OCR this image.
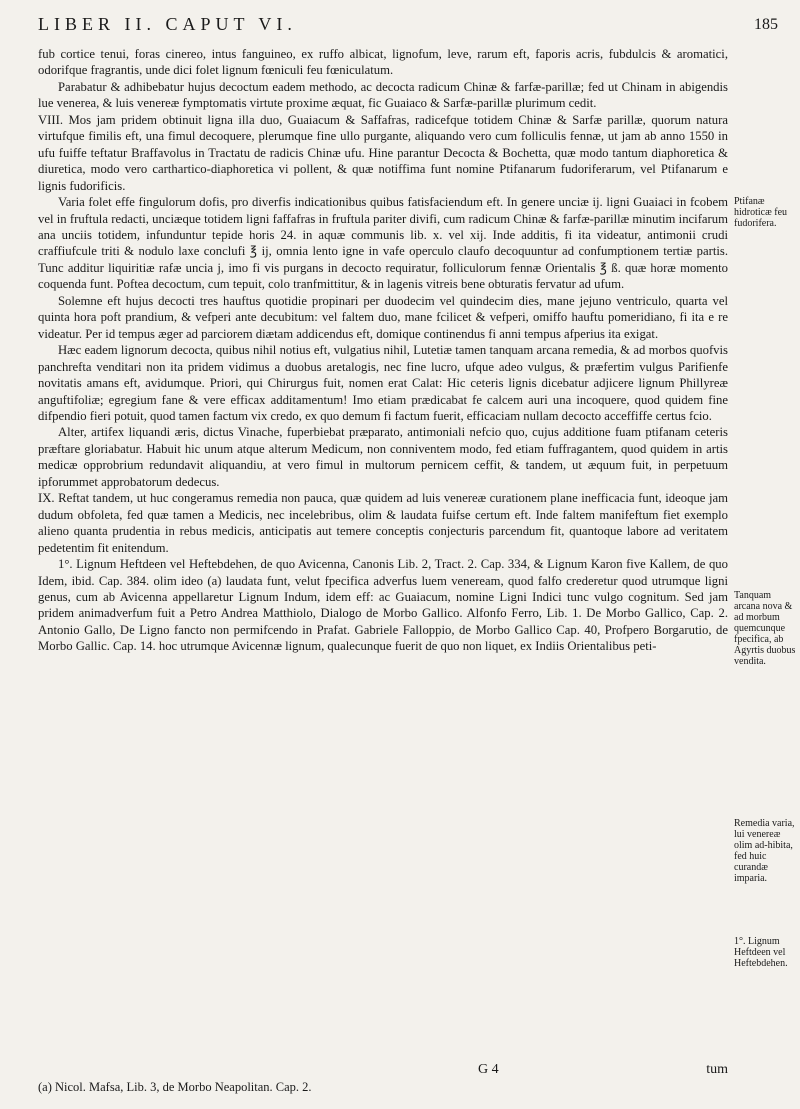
LIBER II. CAPUT VI.	185

fub cortice tenui, foras cinereo, intus fanguineo, ex ruffo albicat, lignofum, leve, rarum eft, faporis acris, fubdulcis & aromatici, odorifque fragrantis, unde dici folet lignum fœniculi feu fœniculatum.

Parabatur & adhibebatur hujus decoctum eadem methodo, ac decocta radicum Chinæ & farfæ-parillæ; fed ut Chinam in abigendis lue venerea, & luis venereæ fymptomatis virtute proxime æquat, fic Guaiaco & Sarfæ-parillæ plurimum cedit.

VIII. Mos jam pridem obtinuit ligna illa duo, Guaiacum & Saffafras, radicefque totidem Chinæ & Sarfæ parillæ, quorum natura virtufque fimilis eft, una fimul decoquere, plerumque fine ullo purgante, aliquando vero cum folliculis fennæ, ut jam ab anno 1550 in ufu fuiffe teftatur Braffavolus in Tractatu de radicis Chinæ ufu. Hine parantur Decocta & Bochetta, quæ modo tantum diaphoretica & diuretica, modo vero carthartico-diaphoretica vi pollent, & quæ notiffima funt nomine Ptifanarum fudoriferarum, vel Ptifanarum e lignis fudorificis.

Varia folet effe fingulorum dofis, pro diverfis indicationibus quibus fatisfaciendum eft. In genere unciæ ij. ligni Guaiaci in fcobem vel in fruftula redacti, unciæque totidem ligni faffafras in fruftula pariter divifi, cum radicum Chinæ & farfæ-parillæ minutim incifarum ana unciis totidem, infunduntur tepide horis 24. in aquæ communis lib. x. vel xij. Inde additis, fi ita videatur, antimonii crudi craffiufcule triti & nodulo laxe conclufi ℥ ij, omnia lento igne in vafe operculo claufo decoquuntur ad confumptionem tertiæ partis. Tunc additur liquiritiæ rafæ uncia j, imo fi vis purgans in decocto requiratur, folliculorum fennæ Orientalis ℥ ß. quæ horæ momento coquenda funt. Poftea decoctum, cum tepuit, colo tranfmittitur, & in lagenis vitreis bene obturatis fervatur ad ufum.

Solemne eft hujus decocti tres hauftus quotidie propinari per duodecim vel quindecim dies, mane jejuno ventriculo, quarta vel quinta hora poft prandium, & vefperi ante decubitum: vel faltem duo, mane fcilicet & vefperi, omiffo hauftu pomeridiano, fi ita e re videatur. Per id tempus æger ad parciorem diætam addicendus eft, domique continendus fi anni tempus afperius ita exigat.

Hæc eadem lignorum decocta, quibus nihil notius eft, vulgatius nihil, Lutetiæ tamen tanquam arcana remedia, & ad morbos quofvis panchrefta venditari non ita pridem vidimus a duobus aretalogis, nec fine lucro, ufque adeo vulgus, & præfertim vulgus Parifienfe novitatis amans eft, avidumque. Priori, qui Chirurgus fuit, nomen erat Calat: Hic ceteris lignis dicebatur adjicere lignum Phillyreæ anguftifoliæ; egregium fane & vere efficax additamentum! Imo etiam prædicabat fe calcem auri una incoquere, quod quidem fine difpendio fieri potuit, quod tamen factum vix credo, ex quo demum fi factum fuerit, efficaciam nullam decocto acceffiffe certus fcio.

Alter, artifex liquandi æris, dictus Vinache, fuperbiebat præparato, antimoniali nefcio quo, cujus additione fuam ptifanam ceteris præftare gloriabatur. Habuit hic unum atque alterum Medicum, non conniventem modo, fed etiam fuffragantem, quod quidem in artis medicæ opprobrium redundavit aliquandiu, at vero fimul in multorum pernicem ceffit, & tandem, ut æquum fuit, in perpetuum ipforummet approbatorum dedecus.

IX. Reftat tandem, ut huc congeramus remedia non pauca, quæ quidem ad luis venereæ curationem plane inefficacia funt, ideoque jam dudum obfoleta, fed quæ tamen a Medicis, nec incelebribus, olim & laudata fuifse certum eft. Inde faltem manifeftum fiet exemplo alieno quanta prudentia in rebus medicis, anticipatis aut temere conceptis conjecturis parcendum fit, quantoque labore ad veritatem pedetentim fit enitendum.

1°. Lignum Heftdeen vel Heftebdehen, de quo Avicenna, Canonis Lib. 2, Tract. 2. Cap. 334, & Lignum Karon five Kallem, de quo Idem, ibid. Cap. 384. olim ideo (a) laudata funt, velut fpecifica adverfus luem veneream, quod falfo crederetur quod utrumque ligni genus, cum ab Avicenna appellaretur Lignum Indum, idem eff: ac Guaiacum, nomine Ligni Indici tunc vulgo cognitum. Sed jam pridem animadverfum fuit a Petro Andrea Matthiolo, Dialogo de Morbo Gallico. Alfonfo Ferro, Lib. 1. De Morbo Gallico, Cap. 2. Antonio Gallo, De Ligno fancto non permifcendo in Prafat. Gabriele Falloppio, de Morbo Gallico Cap. 40, Profpero Borgarutio, de Morbo Gallic. Cap. 14. hoc utrumque Avicennæ lignum, qualecunque fuerit de quo non liquet, ex Indiis Orientalibus peti-

Ptifanæ hidroticæ feu fudorifera.
Tanquam arcana nova & ad morbum quemcunque fpecifica, ab Agyrtis duobus vendita.
Remedia varia, lui venereæ olim ad-hibita, fed huic curandæ imparia.
1°. Lignum Heftdeen vel Heftebdehen.
G 4	tum
(a) Nicol. Mafsa, Lib. 3, de Morbo Neapolitan. Cap. 2.
